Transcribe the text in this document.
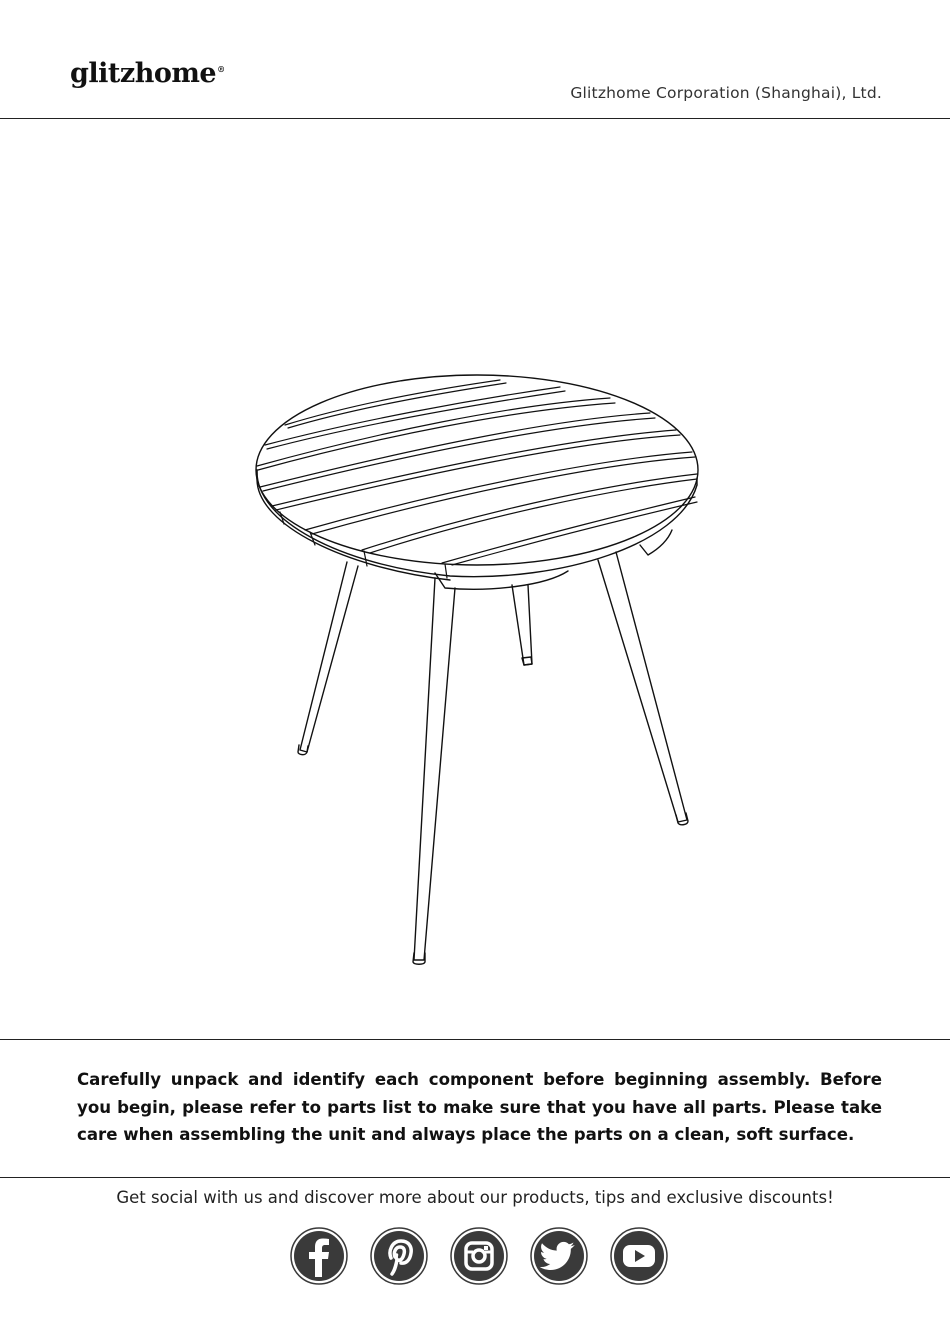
glitzhome®
Glitzhome Corporation (Shanghai), Ltd.

Carefully unpack and identify each component before beginning assembly. Before you begin, please refer to parts list to make sure that you have all parts. Please take care when assembling the unit and always place the parts on a clean, soft surface.

Get social with us and discover more about our products, tips and exclusive discounts!
